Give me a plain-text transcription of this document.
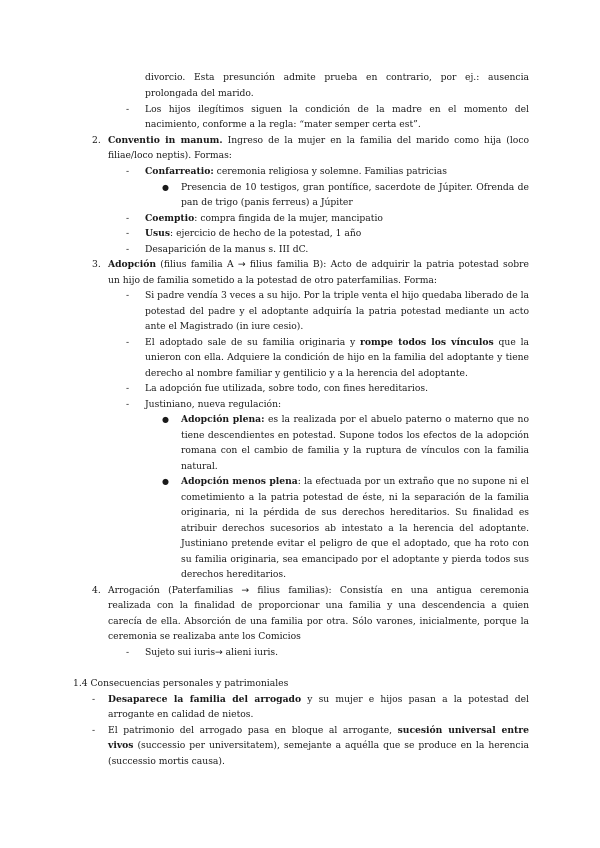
divorcio. Esta presunción admite prueba en contrario, por ej.: ausencia
prolongada del marido.
- Los hijos ilegítimos siguen la condición de la madre en el momento del
nacimiento, conforme a la regla: “mater semper certa est”.
2. Conventio in manum. Ingreso de la mujer en la familia del marido como hija (loco
filiae/loco neptis). Formas:
- Confarreatio: ceremonia religiosa y solemne. Familias patricias
● Presencia de 10 testigos, gran pontífice, sacerdote de Júpiter. Ofrenda de
pan de trigo (panis ferreus) a Júpiter
- Coemptio: compra fingida de la mujer, mancipatio
- Usus: ejercicio de hecho de la potestad, 1 año
- Desaparición de la manus s. III dC.
3. Adopción (filius familia A → filius familia B): Acto de adquirir la patria potestad sobre
un hijo de familia sometido a la potestad de otro paterfamilias. Forma:
- Si padre vendía 3 veces a su hijo. Por la triple venta el hijo quedaba liberado de la
potestad del padre y el adoptante adquiría la patria potestad mediante un acto
ante el Magistrado (in iure cesio).
- El adoptado sale de su familia originaria y rompe todos los vínculos que la
unieron con ella. Adquiere la condición de hijo en la familia del adoptante y tiene
derecho al nombre familiar y gentilicio y a la herencia del adoptante.
- La adopción fue utilizada, sobre todo, con fines hereditarios.
- Justiniano, nueva regulación:
● Adopción plena: es la realizada por el abuelo paterno o materno que no
tiene descendientes en potestad. Supone todos los efectos de la adopción
romana con el cambio de familia y la ruptura de vínculos con la familia
natural.
● Adopción menos plena: la efectuada por un extraño que no supone ni el
cometimiento a la patria potestad de éste, ni la separación de la familia
originaria, ni la pérdida de sus derechos hereditarios. Su finalidad es
atribuir derechos sucesorios ab intestato a la herencia del adoptante.
Justiniano pretende evitar el peligro de que el adoptado, que ha roto con
su familia originaria, sea emancipado por el adoptante y pierda todos sus
derechos hereditarios.
4. Arrogación (Paterfamilias → filius familias): Consistía en una antigua ceremonia
realizada con la finalidad de proporcionar una familia y una descendencia a quien
carecía de ella. Absorción de una familia por otra. Sólo varones, inicialmente, porque la
ceremonia se realizaba ante los Comicios
- Sujeto sui iuris→ alieni iuris.
1.4 Consecuencias personales y patrimoniales
- Desaparece la familia del arrogado y su mujer e hijos pasan a la potestad del
arrogante en calidad de nietos.
- El patrimonio del arrogado pasa en bloque al arrogante, sucesión universal entre
vivos (successio per universitatem), semejante a aquélla que se produce en la herencia
(successio mortis causa).
